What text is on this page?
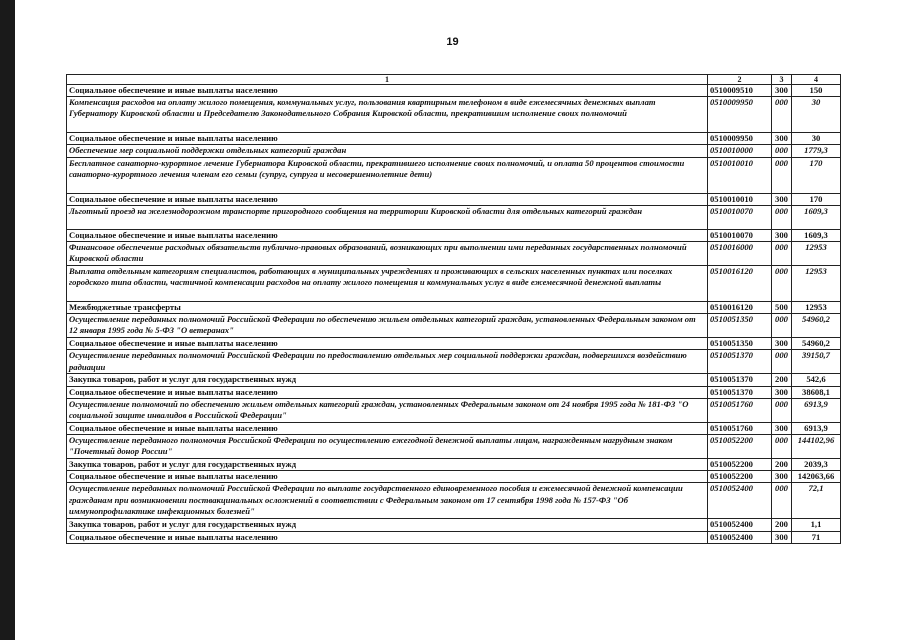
19
1	2	3	4
Социальное обеспечение и иные выплаты населению	0510009510	300	150
Компенсация расходов на оплату жилого помещения, коммунальных услуг, пользования квартирным телефоном в виде ежемесячных денежных выплат Губернатору Кировской области и Председателю Законодательного Собрания Кировской области, прекратившим исполнение своих полномочий	0510009950	000	30
Социальное обеспечение и иные выплаты населению	0510009950	300	30
Обеспечение мер социальной поддержки отдельных категорий граждан	0510010000	000	1779,3
Бесплатное санаторно-курортное лечение Губернатора Кировской области, прекратившего исполнение своих полномочий, и оплата 50 процентов стоимости санаторно-курортного лечения членам его семьи (супруг, супруга и несовершеннолетние дети)	0510010010	000	170
Социальное обеспечение и иные выплаты населению	0510010010	300	170
Льготный проезд на железнодорожном транспорте пригородного сообщения на территории Кировской области для отдельных категорий граждан	0510010070	000	1609,3
Социальное обеспечение и иные выплаты населению	0510010070	300	1609,3
Финансовое обеспечение расходных обязательств публично-правовых образований, возникающих при выполнении ими переданных государственных полномочий Кировской области	0510016000	000	12953
Выплата отдельным категориям специалистов, работающих в муниципальных учреждениях и проживающих в сельских населенных пунктах или поселках городского типа области, частичной компенсации расходов на оплату жилого помещения и коммунальных услуг в виде ежемесячной денежной выплаты	0510016120	000	12953
Межбюджетные трансферты	0510016120	500	12953
Осуществление переданных полномочий Российской Федерации по обеспечению жильем отдельных категорий граждан, установленных Федеральным законом от 12 января 1995 года № 5-ФЗ "О ветеранах"	0510051350	000	54960,2
Социальное обеспечение и иные выплаты населению	0510051350	300	54960,2
Осуществление переданных полномочий Российской Федерации по предоставлению отдельных мер социальной поддержки граждан, подвергшихся воздействию радиации	0510051370	000	39150,7
Закупка товаров, работ и услуг для государственных нужд	0510051370	200	542,6
Социальное обеспечение и иные выплаты населению	0510051370	300	38608,1
Осуществление полномочий по обеспечению жильем отдельных категорий граждан, установленных Федеральным законом от 24 ноября 1995 года № 181-ФЗ "О социальной защите инвалидов в Российской Федерации"	0510051760	000	6913,9
Социальное обеспечение и иные выплаты населению	0510051760	300	6913,9
Осуществление переданного полномочия Российской Федерации по осуществлению ежегодной денежной выплаты лицам, награжденным нагрудным знаком "Почетный донор России"	0510052200	000	144102,96
Закупка товаров, работ и услуг для государственных нужд	0510052200	200	2039,3
Социальное обеспечение и иные выплаты населению	0510052200	300	142063,66
Осуществление переданных полномочий Российской Федерации по выплате государственного единовременного пособия и ежемесячной денежной компенсации гражданам при возникновении поствакцинальных осложнений в соответствии с Федеральным законом от 17 сентября 1998 года № 157-ФЗ "Об иммунопрофилактике инфекционных болезней"	0510052400	000	72,1
Закупка товаров, работ и услуг для государственных нужд	0510052400	200	1,1
Социальное обеспечение и иные выплаты населению	0510052400	300	71
